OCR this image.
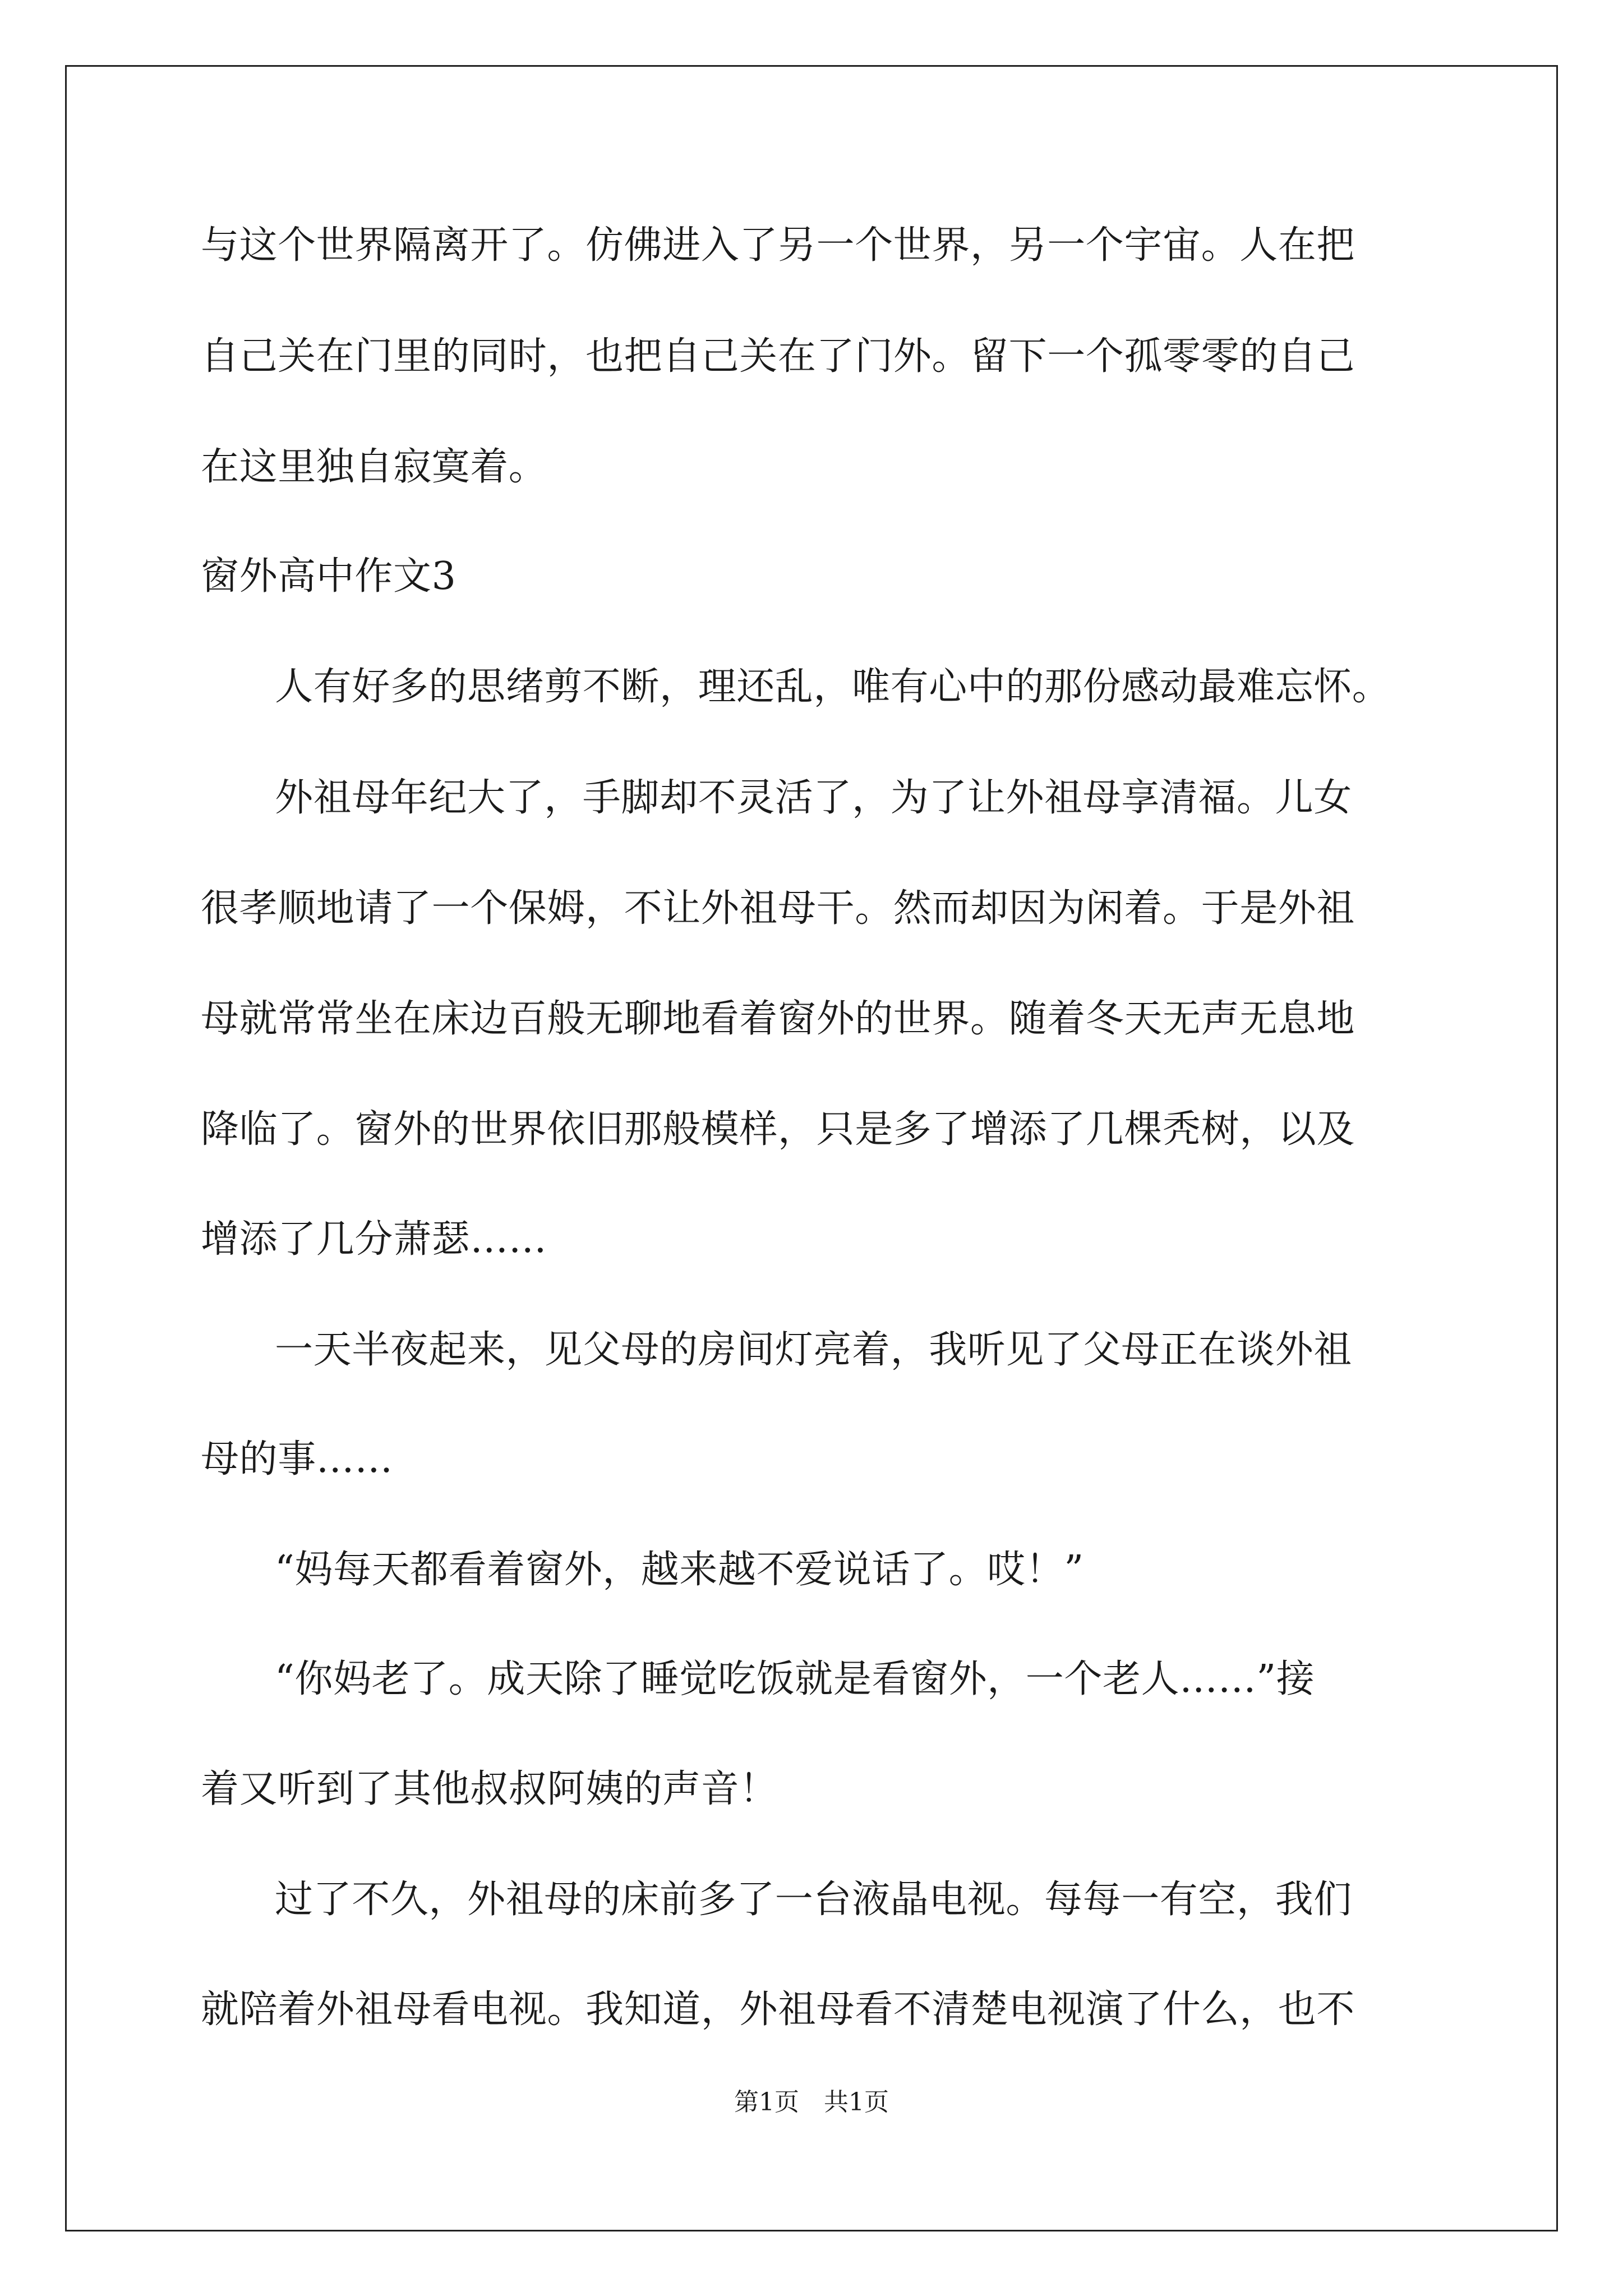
与这个世界隔离开了。仿佛进入了另一个世界，另一个宇宙。人在把
自己关在门里的同时，也把自己关在了门外。留下一个孤零零的自己
在这里独自寂寞着。
窗外高中作文3
人有好多的思绪剪不断，理还乱，唯有心中的那份感动最难忘怀。
外祖母年纪大了，手脚却不灵活了，为了让外祖母享清福。儿女
很孝顺地请了一个保姆，不让外祖母干。然而却因为闲着。于是外祖
母就常常坐在床边百般无聊地看着窗外的世界。随着冬天无声无息地
降临了。窗外的世界依旧那般模样，只是多了增添了几棵秃树，以及
增添了几分萧瑟……
一天半夜起来，见父母的房间灯亮着，我听见了父母正在谈外祖
母的事……
“妈每天都看着窗外，越来越不爱说话了。哎！”
“你妈老了。成天除了睡觉吃饭就是看窗外，一个老人……”接
着又听到了其他叔叔阿姨的声音！
过了不久，外祖母的床前多了一台液晶电视。每每一有空，我们
就陪着外祖母看电视。我知道，外祖母看不清楚电视演了什么，也不
第1页　共1页
